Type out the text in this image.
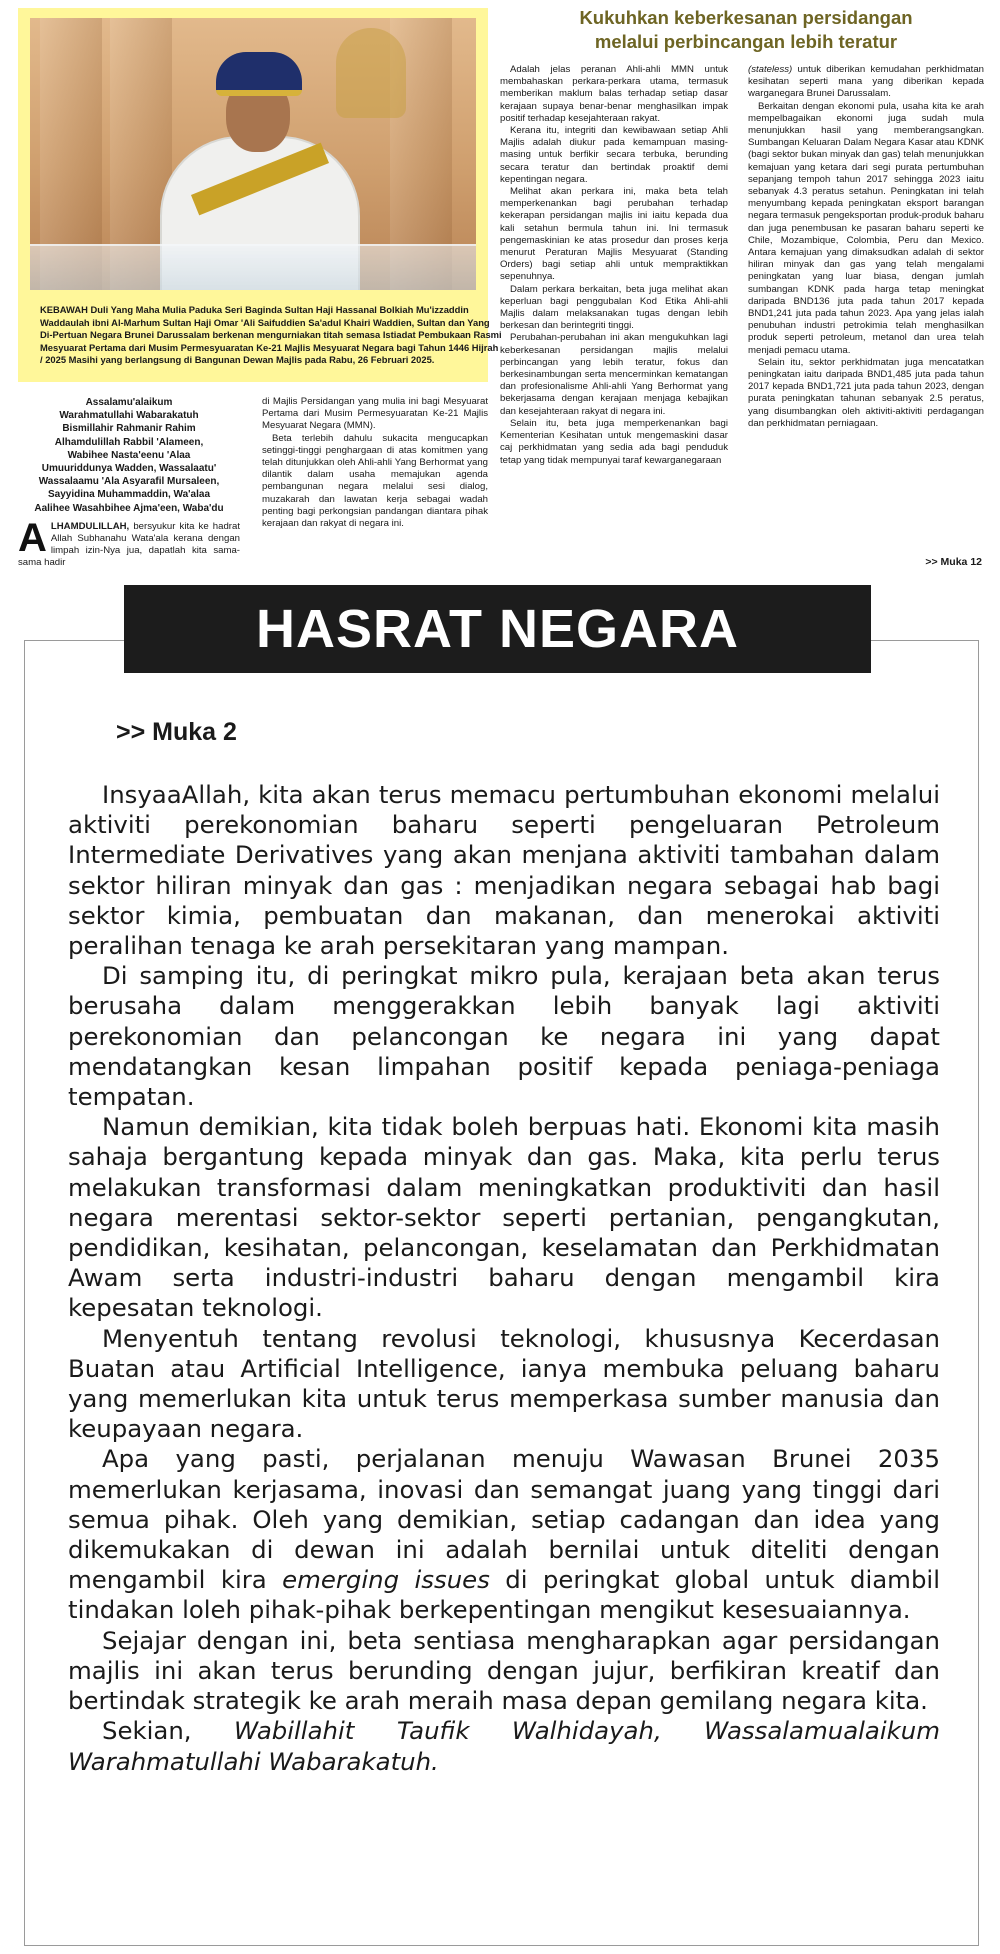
KEBAWAH Duli Yang Maha Mulia Paduka Seri Baginda Sultan Haji Hassanal Bolkiah Mu'izzaddin Waddaulah ibni Al-Marhum Sultan Haji Omar 'Ali Saifuddien Sa'adul Khairi Waddien, Sultan dan Yang Di-Pertuan Negara Brunei Darussalam berkenan mengurniakan titah semasa Istiadat Pembukaan Rasmi Mesyuarat Pertama dari Musim Permesyuaratan Ke-21 Majlis Mesyuarat Negara bagi Tahun 1446 Hijrah / 2025 Masihi yang berlangsung di Bangunan Dewan Majlis pada Rabu, 26 Februari 2025.
Assalamu'alaikum
Warahmatullahi Wabarakatuh
Bismillahir Rahmanir Rahim
Alhamdulillah Rabbil 'Alameen,
Wabihee Nasta'eenu 'Alaa
Umuuriddunya Wadden, Wassalaatu'
Wassalaamu 'Ala Asyarafil Mursaleen,
Sayyidina Muhammaddin, Wa'alaa
Aalihee Wasahbihee Ajma'een, Waba'du
ALHAMDULILLAH, bersyukur kita ke hadrat Allah Subhanahu Wata'ala kerana dengan limpah izin-Nya jua, dapatlah kita sama-sama hadir

di Majlis Persidangan yang mulia ini bagi Mesyuarat Pertama dari Musim Permesyuaratan Ke-21 Majlis Mesyuarat Negara (MMN).

Beta terlebih dahulu sukacita mengucapkan setinggi-tinggi penghargaan di atas komitmen yang telah ditunjukkan oleh Ahli-ahli Yang Berhormat yang dilantik dalam usaha memajukan agenda pembangunan negara melalui sesi dialog, muzakarah dan lawatan kerja sebagai wadah penting bagi perkongsian pandangan diantara pihak kerajaan dan rakyat di negara ini.

Kukuhkan keberkesanan persidangan
melalui perbincangan lebih teratur

Adalah jelas peranan Ahli-ahli MMN untuk membahaskan perkara-perkara utama, termasuk memberikan maklum balas terhadap setiap dasar kerajaan supaya benar-benar menghasilkan impak positif terhadap kesejahteraan rakyat.

Kerana itu, integriti dan kewibawaan setiap Ahli Majlis adalah diukur pada kemampuan masing-masing untuk berfikir secara terbuka, berunding secara teratur dan bertindak proaktif demi kepentingan negara.

Melihat akan perkara ini, maka beta telah memperkenankan bagi perubahan terhadap kekerapan persidangan majlis ini iaitu kepada dua kali setahun bermula tahun ini. Ini termasuk pengemaskinian ke atas prosedur dan proses kerja menurut Peraturan Majlis Mesyuarat (Standing Orders) bagi setiap ahli untuk mempraktikkan sepenuhnya.

Dalam perkara berkaitan, beta juga melihat akan keperluan bagi penggubalan Kod Etika Ahli-ahli Majlis dalam melaksanakan tugas dengan lebih berkesan dan berintegriti tinggi.

Perubahan-perubahan ini akan mengukuhkan lagi keberkesanan persidangan majlis melalui perbincangan yang lebih teratur, fokus dan berkesinambungan serta mencerminkan kematangan dan profesionalisme Ahli-ahli Yang Berhormat yang bekerjasama dengan kerajaan menjaga kebajikan dan kesejahteraan rakyat di negara ini.

Selain itu, beta juga memperkenankan bagi Kementerian Kesihatan untuk mengemaskini dasar caj perkhidmatan yang sedia ada bagi penduduk tetap yang tidak mempunyai taraf kewarganegaraan

(stateless) untuk diberikan kemudahan perkhidmatan kesihatan seperti mana yang diberikan kepada warganegara Brunei Darussalam.

Berkaitan dengan ekonomi pula, usaha kita ke arah mempelbagaikan ekonomi juga sudah mula menunjukkan hasil yang memberangsangkan. Sumbangan Keluaran Dalam Negara Kasar atau KDNK (bagi sektor bukan minyak dan gas) telah menunjukkan kemajuan yang ketara dari segi purata pertumbuhan sepanjang tempoh tahun 2017 sehingga 2023 iaitu sebanyak 4.3 peratus setahun. Peningkatan ini telah menyumbang kepada peningkatan eksport barangan negara termasuk pengeksportan produk-produk baharu dan juga penembusan ke pasaran baharu seperti ke Chile, Mozambique, Colombia, Peru dan Mexico. Antara kemajuan yang dimaksudkan adalah di sektor hiliran minyak dan gas yang telah mengalami peningkatan yang luar biasa, dengan jumlah sumbangan KDNK pada harga tetap meningkat daripada BND136 juta pada tahun 2017 kepada BND1,241 juta pada tahun 2023. Apa yang jelas ialah penubuhan industri petrokimia telah menghasilkan produk seperti petroleum, metanol dan urea telah menjadi pemacu utama.

Selain itu, sektor perkhidmatan juga mencatatkan peningkatan iaitu daripada BND1,485 juta pada tahun 2017 kepada BND1,721 juta pada tahun 2023, dengan purata peningkatan tahunan sebanyak 2.5 peratus, yang disumbangkan oleh aktiviti-aktiviti perdagangan dan perkhidmatan perniagaan.

>> Muka 12
HASRAT NEGARA
>> Muka 2

InsyaaAllah, kita akan terus memacu pertumbuhan ekonomi melalui aktiviti perekonomian baharu seperti pengeluaran Petroleum Intermediate Derivatives yang akan menjana aktiviti tambahan dalam sektor hiliran minyak dan gas : menjadikan negara sebagai hab bagi sektor kimia, pembuatan dan makanan, dan menerokai aktiviti peralihan tenaga ke arah persekitaran yang mampan.

Di samping itu, di peringkat mikro pula, kerajaan beta akan terus berusaha dalam menggerakkan lebih banyak lagi aktiviti perekonomian dan pelancongan ke negara ini yang dapat mendatangkan kesan limpahan positif kepada peniaga-peniaga tempatan.

Namun demikian, kita tidak boleh berpuas hati. Ekonomi kita masih sahaja bergantung kepada minyak dan gas. Maka, kita perlu terus melakukan transformasi dalam meningkatkan produktiviti dan hasil negara merentasi sektor-sektor seperti pertanian, pengangkutan, pendidikan, kesihatan, pelancongan, keselamatan dan Perkhidmatan Awam serta industri-industri baharu dengan mengambil kira kepesatan teknologi.

Menyentuh tentang revolusi teknologi, khususnya Kecerdasan Buatan atau Artificial Intelligence, ianya membuka peluang baharu yang memerlukan kita untuk terus memperkasa sumber manusia dan keupayaan negara.

Apa yang pasti, perjalanan menuju Wawasan Brunei 2035 memerlukan kerjasama, inovasi dan semangat juang yang tinggi dari semua pihak. Oleh yang demikian, setiap cadangan dan idea yang dikemukakan di dewan ini adalah bernilai untuk diteliti dengan mengambil kira emerging issues di peringkat global untuk diambil tindakan loleh pihak-pihak berkepentingan mengikut kesesuaiannya.

Sejajar dengan ini, beta sentiasa mengharapkan agar persidangan majlis ini akan terus berunding dengan jujur, berfikiran kreatif dan bertindak strategik ke arah meraih masa depan gemilang negara kita.

Sekian, Wabillahit Taufik Walhidayah, Wassalamualaikum Warahmatullahi Wabarakatuh.
